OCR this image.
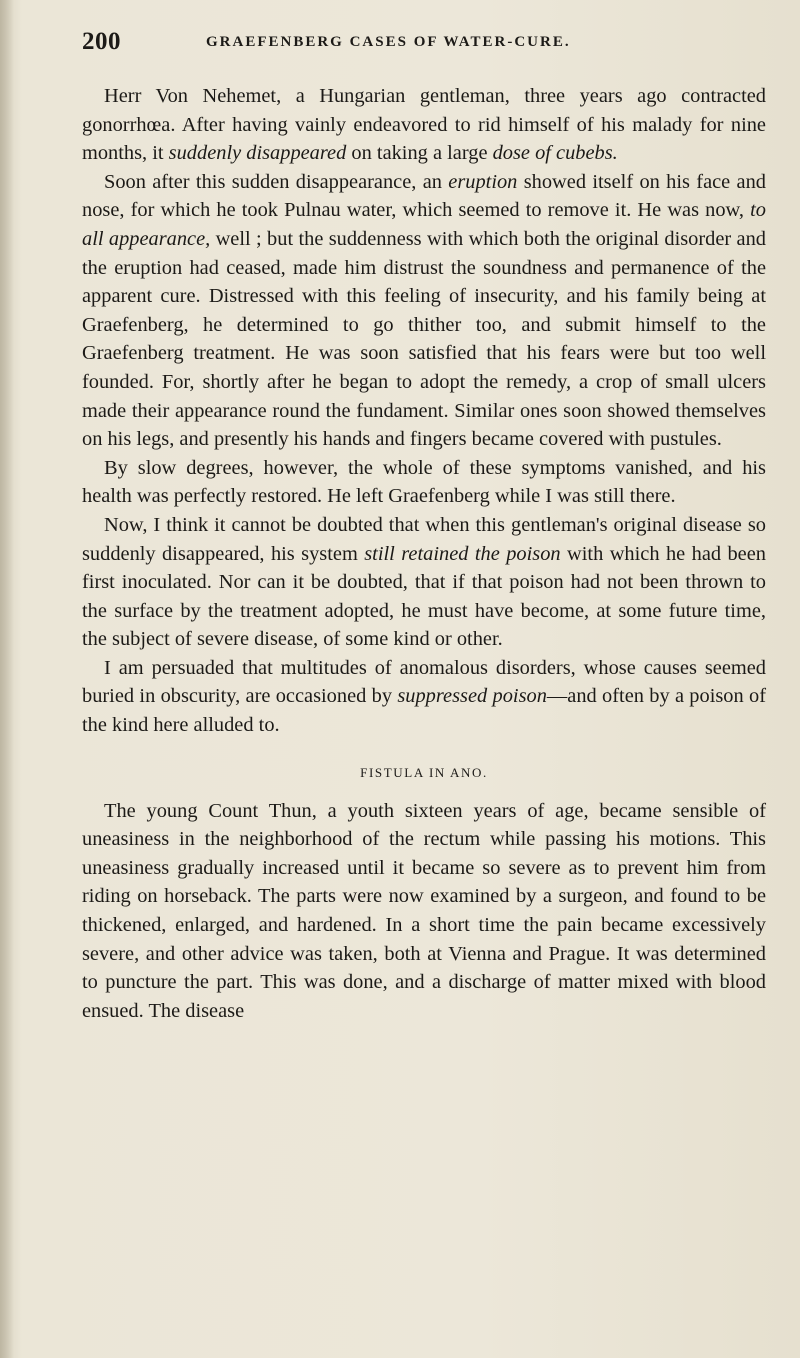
200	GRAEFENBERG CASES OF WATER-CURE.

Herr Von Nehemet, a Hungarian gentleman, three years ago contracted gonorrhœa. After having vainly endeavored to rid himself of his malady for nine months, it suddenly disappeared on taking a large dose of cubebs.

Soon after this sudden disappearance, an eruption showed itself on his face and nose, for which he took Pulnau water, which seemed to remove it. He was now, to all appearance, well ; but the suddenness with which both the original disorder and the eruption had ceased, made him distrust the soundness and permanence of the apparent cure. Distressed with this feeling of insecurity, and his family being at Graefenberg, he determined to go thither too, and submit himself to the Graefenberg treatment. He was soon satisfied that his fears were but too well founded. For, shortly after he began to adopt the remedy, a crop of small ulcers made their appearance round the fundament. Similar ones soon showed themselves on his legs, and presently his hands and fingers became covered with pustules.

By slow degrees, however, the whole of these symptoms vanished, and his health was perfectly restored. He left Graefenberg while I was still there.

Now, I think it cannot be doubted that when this gentleman's original disease so suddenly disappeared, his system still retained the poison with which he had been first inoculated. Nor can it be doubted, that if that poison had not been thrown to the surface by the treatment adopted, he must have become, at some future time, the subject of severe disease, of some kind or other.

I am persuaded that multitudes of anomalous disorders, whose causes seemed buried in obscurity, are occasioned by suppressed poison—and often by a poison of the kind here alluded to.

FISTULA IN ANO.

The young Count Thun, a youth sixteen years of age, became sensible of uneasiness in the neighborhood of the rectum while passing his motions. This uneasiness gradually increased until it became so severe as to prevent him from riding on horseback. The parts were now examined by a surgeon, and found to be thickened, enlarged, and hardened. In a short time the pain became excessively severe, and other advice was taken, both at Vienna and Prague. It was determined to puncture the part. This was done, and a discharge of matter mixed with blood ensued. The disease
